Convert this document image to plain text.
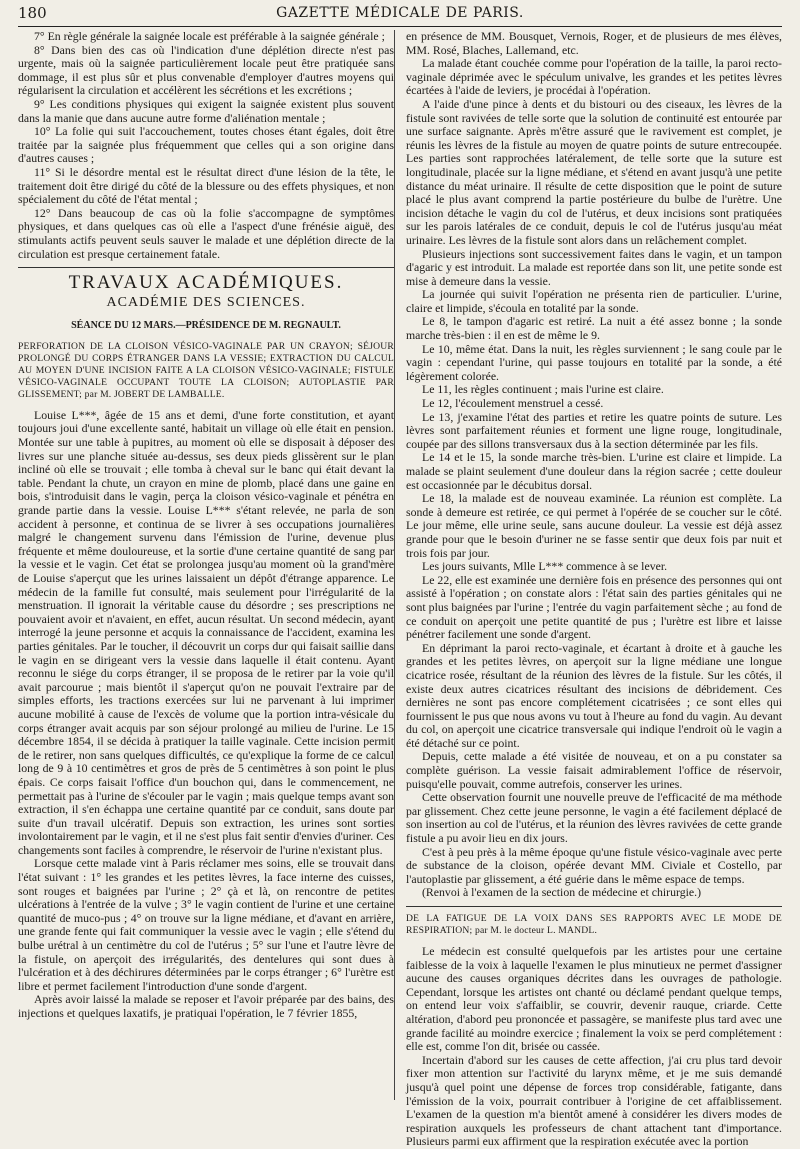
180	GAZETTE MÉDICALE DE PARIS.

7° En règle générale la saignée locale est préférable à la saignée générale ;

8° Dans bien des cas où l'indication d'une déplétion directe n'est pas urgente, mais où la saignée particulièrement locale peut être pratiquée sans dommage, il est plus sûr et plus convenable d'employer d'autres moyens qui régularisent la circulation et accélèrent les sécrétions et les excrétions ;

9° Les conditions physiques qui exigent la saignée existent plus souvent dans la manie que dans aucune autre forme d'aliénation mentale ;

10° La folie qui suit l'accouchement, toutes choses étant égales, doit être traitée par la saignée plus fréquemment que celles qui a son origine dans d'autres causes ;

11° Si le désordre mental est le résultat direct d'une lésion de la tête, le traitement doit être dirigé du côté de la blessure ou des effets physiques, et non spécialement du côté de l'état mental ;

12° Dans beaucoup de cas où la folie s'accompagne de symptômes physiques, et dans quelques cas où elle a l'aspect d'une frénésie aiguë, des stimulants actifs peuvent seuls sauver le malade et une déplétion directe de la circulation est presque certainement fatale.

TRAVAUX ACADÉMIQUES.
ACADÉMIE DES SCIENCES.
SÉANCE DU 12 MARS.—PRÉSIDENCE DE M. REGNAULT.

PERFORATION DE LA CLOISON VÉSICO-VAGINALE PAR UN CRAYON; SÉJOUR PROLONGÉ DU CORPS ÉTRANGER DANS LA VESSIE; EXTRACTION DU CALCUL AU MOYEN D'UNE INCISION FAITE A LA CLOISON VÉSICO-VAGINALE; FISTULE VÉSICO-VAGINALE OCCUPANT TOUTE LA CLOISON; AUTOPLASTIE PAR GLISSEMENT; par M. JOBERT DE LAMBALLE.

Louise L***, âgée de 15 ans et demi, d'une forte constitution, et ayant toujours joui d'une excellente santé, habitait un village où elle était en pension. Montée sur une table à pupitres, au moment où elle se disposait à déposer des livres sur une planche située au-dessus, ses deux pieds glissèrent sur le plan incliné où elle se trouvait ; elle tomba à cheval sur le banc qui était devant la table. Pendant la chute, un crayon en mine de plomb, placé dans une gaine en bois, s'introduisit dans le vagin, perça la cloison vésico-vaginale et pénétra en grande partie dans la vessie. Louise L*** s'étant relevée, ne parla de son accident à personne, et continua de se livrer à ses occupations journalières malgré le changement survenu dans l'émission de l'urine, devenue plus fréquente et même douloureuse, et la sortie d'une certaine quantité de sang par la vessie et le vagin. Cet état se prolongea jusqu'au moment où la grand'mère de Louise s'aperçut que les urines laissaient un dépôt d'étrange apparence. Le médecin de la famille fut consulté, mais seulement pour l'irrégularité de la menstruation. Il ignorait la véritable cause du désordre ; ses prescriptions ne pouvaient avoir et n'avaient, en effet, aucun résultat. Un second médecin, ayant interrogé la jeune personne et acquis la connaissance de l'accident, examina les parties génitales. Par le toucher, il découvrit un corps dur qui faisait saillie dans le vagin en se dirigeant vers la vessie dans laquelle il était contenu. Ayant reconnu le siége du corps étranger, il se proposa de le retirer par la voie qu'il avait parcourue ; mais bientôt il s'aperçut qu'on ne pouvait l'extraire par de simples efforts, les tractions exercées sur lui ne parvenant à lui imprimer aucune mobilité à cause de l'excès de volume que la portion intra-vésicale du corps étranger avait acquis par son séjour prolongé au milieu de l'urine. Le 15 décembre 1854, il se décida à pratiquer la taille vaginale. Cette incision permit de le retirer, non sans quelques difficultés, ce qu'explique la forme de ce calcul long de 9 à 10 centimètres et gros de près de 5 centimètres à son point le plus épais. Ce corps faisait l'office d'un bouchon qui, dans le commencement, ne permettait pas à l'urine de s'écouler par le vagin ; mais quelque temps avant son extraction, il s'en échappa une certaine quantité par ce conduit, sans doute par suite d'un travail ulcératif. Depuis son extraction, les urines sont sorties involontairement par le vagin, et il ne s'est plus fait sentir d'envies d'uriner. Ces changements sont faciles à comprendre, le réservoir de l'urine n'existant plus.

Lorsque cette malade vint à Paris réclamer mes soins, elle se trouvait dans l'état suivant : 1° les grandes et les petites lèvres, la face interne des cuisses, sont rouges et baignées par l'urine ; 2° çà et là, on rencontre de petites ulcérations à l'entrée de la vulve ; 3° le vagin contient de l'urine et une certaine quantité de muco-pus ; 4° on trouve sur la ligne médiane, et d'avant en arrière, une grande fente qui fait communiquer la vessie avec le vagin ; elle s'étend du bulbe urétral à un centimètre du col de l'utérus ; 5° sur l'une et l'autre lèvre de la fistule, on aperçoit des irrégularités, des dentelures qui sont dues à l'ulcération et à des déchirures déterminées par le corps étranger ; 6° l'urètre est libre et permet facilement l'introduction d'une sonde d'argent.

Après avoir laissé la malade se reposer et l'avoir préparée par des bains, des injections et quelques laxatifs, je pratiquai l'opération, le 7 février 1855,

en présence de MM. Bousquet, Vernois, Roger, et de plusieurs de mes élèves, MM. Rosé, Blaches, Lallemand, etc.

La malade étant couchée comme pour l'opération de la taille, la paroi recto-vaginale déprimée avec le spéculum univalve, les grandes et les petites lèvres écartées à l'aide de leviers, je procédai à l'opération.

A l'aide d'une pince à dents et du bistouri ou des ciseaux, les lèvres de la fistule sont ravivées de telle sorte que la solution de continuité est entourée par une surface saignante. Après m'être assuré que le ravivement est complet, je réunis les lèvres de la fistule au moyen de quatre points de suture entrecoupée. Les parties sont rapprochées latéralement, de telle sorte que la suture est longitudinale, placée sur la ligne médiane, et s'étend en avant jusqu'à une petite distance du méat urinaire. Il résulte de cette disposition que le point de suture placé le plus avant comprend la partie postérieure du bulbe de l'urètre. Une incision détache le vagin du col de l'utérus, et deux incisions sont pratiquées sur les parois latérales de ce conduit, depuis le col de l'utérus jusqu'au méat urinaire. Les lèvres de la fistule sont alors dans un relâchement complet.

Plusieurs injections sont successivement faites dans le vagin, et un tampon d'agaric y est introduit. La malade est reportée dans son lit, une petite sonde est mise à demeure dans la vessie.

La journée qui suivit l'opération ne présenta rien de particulier. L'urine, claire et limpide, s'écoula en totalité par la sonde.

Le 8, le tampon d'agaric est retiré. La nuit a été assez bonne ; la sonde marche très-bien : il en est de même le 9.

Le 10, même état. Dans la nuit, les règles surviennent ; le sang coule par le vagin : cependant l'urine, qui passe toujours en totalité par la sonde, a été légèrement colorée.

Le 11, les règles continuent ; mais l'urine est claire.

Le 12, l'écoulement menstruel a cessé.

Le 13, j'examine l'état des parties et retire les quatre points de suture. Les lèvres sont parfaitement réunies et forment une ligne rouge, longitudinale, coupée par des sillons transversaux dus à la section déterminée par les fils.

Le 14 et le 15, la sonde marche très-bien. L'urine est claire et limpide. La malade se plaint seulement d'une douleur dans la région sacrée ; cette douleur est occasionnée par le décubitus dorsal.

Le 18, la malade est de nouveau examinée. La réunion est complète. La sonde à demeure est retirée, ce qui permet à l'opérée de se coucher sur le côté. Le jour même, elle urine seule, sans aucune douleur. La vessie est déjà assez grande pour que le besoin d'uriner ne se fasse sentir que deux fois par nuit et trois fois par jour.

Les jours suivants, Mlle L*** commence à se lever.

Le 22, elle est examinée une dernière fois en présence des personnes qui ont assisté à l'opération ; on constate alors : l'état sain des parties génitales qui ne sont plus baignées par l'urine ; l'entrée du vagin parfaitement sèche ; au fond de ce conduit on aperçoit une petite quantité de pus ; l'urètre est libre et laisse pénétrer facilement une sonde d'argent.

En déprimant la paroi recto-vaginale, et écartant à droite et à gauche les grandes et les petites lèvres, on aperçoit sur la ligne médiane une longue cicatrice rosée, résultant de la réunion des lèvres de la fistule. Sur les côtés, il existe deux autres cicatrices résultant des incisions de débridement. Ces dernières ne sont pas encore complétement cicatrisées ; ce sont elles qui fournissent le pus que nous avons vu tout à l'heure au fond du vagin. Au devant du col, on aperçoit une cicatrice transversale qui indique l'endroit où le vagin a été détaché sur ce point.

Depuis, cette malade a été visitée de nouveau, et on a pu constater sa complète guérison. La vessie faisait admirablement l'office de réservoir, puisqu'elle pouvait, comme autrefois, conserver les urines.

Cette observation fournit une nouvelle preuve de l'efficacité de ma méthode par glissement. Chez cette jeune personne, le vagin a été facilement déplacé de son insertion au col de l'utérus, et la réunion des lèvres ravivées de cette grande fistule a pu avoir lieu en dix jours.

C'est à peu près à la même époque qu'une fistule vésico-vaginale avec perte de substance de la cloison, opérée devant MM. Civiale et Costello, par l'autoplastie par glissement, a été guérie dans le même espace de temps.

(Renvoi à l'examen de la section de médecine et chirurgie.)

DE LA FATIGUE DE LA VOIX DANS SES RAPPORTS AVEC LE MODE DE RESPIRATION; par M. le docteur L. MANDL.

Le médecin est consulté quelquefois par les artistes pour une certaine faiblesse de la voix à laquelle l'examen le plus minutieux ne permet d'assigner aucune des causes organiques décrites dans les ouvrages de pathologie. Cependant, lorsque les artistes ont chanté ou déclamé pendant quelque temps, on entend leur voix s'affaiblir, se couvrir, devenir rauque, criarde. Cette altération, d'abord peu prononcée et passagère, se manifeste plus tard avec une grande facilité au moindre exercice ; finalement la voix se perd complétement : elle est, comme l'on dit, brisée ou cassée.

Incertain d'abord sur les causes de cette affection, j'ai cru plus tard devoir fixer mon attention sur l'activité du larynx même, et je me suis demandé jusqu'à quel point une dépense de forces trop considérable, fatigante, dans l'émission de la voix, pourrait contribuer à l'origine de cet affaiblissement. L'examen de la question m'a bientôt amené à considérer les divers modes de respiration auxquels les professeurs de chant attachent tant d'importance. Plusieurs parmi eux affirment que la respiration exécutée avec la portion
